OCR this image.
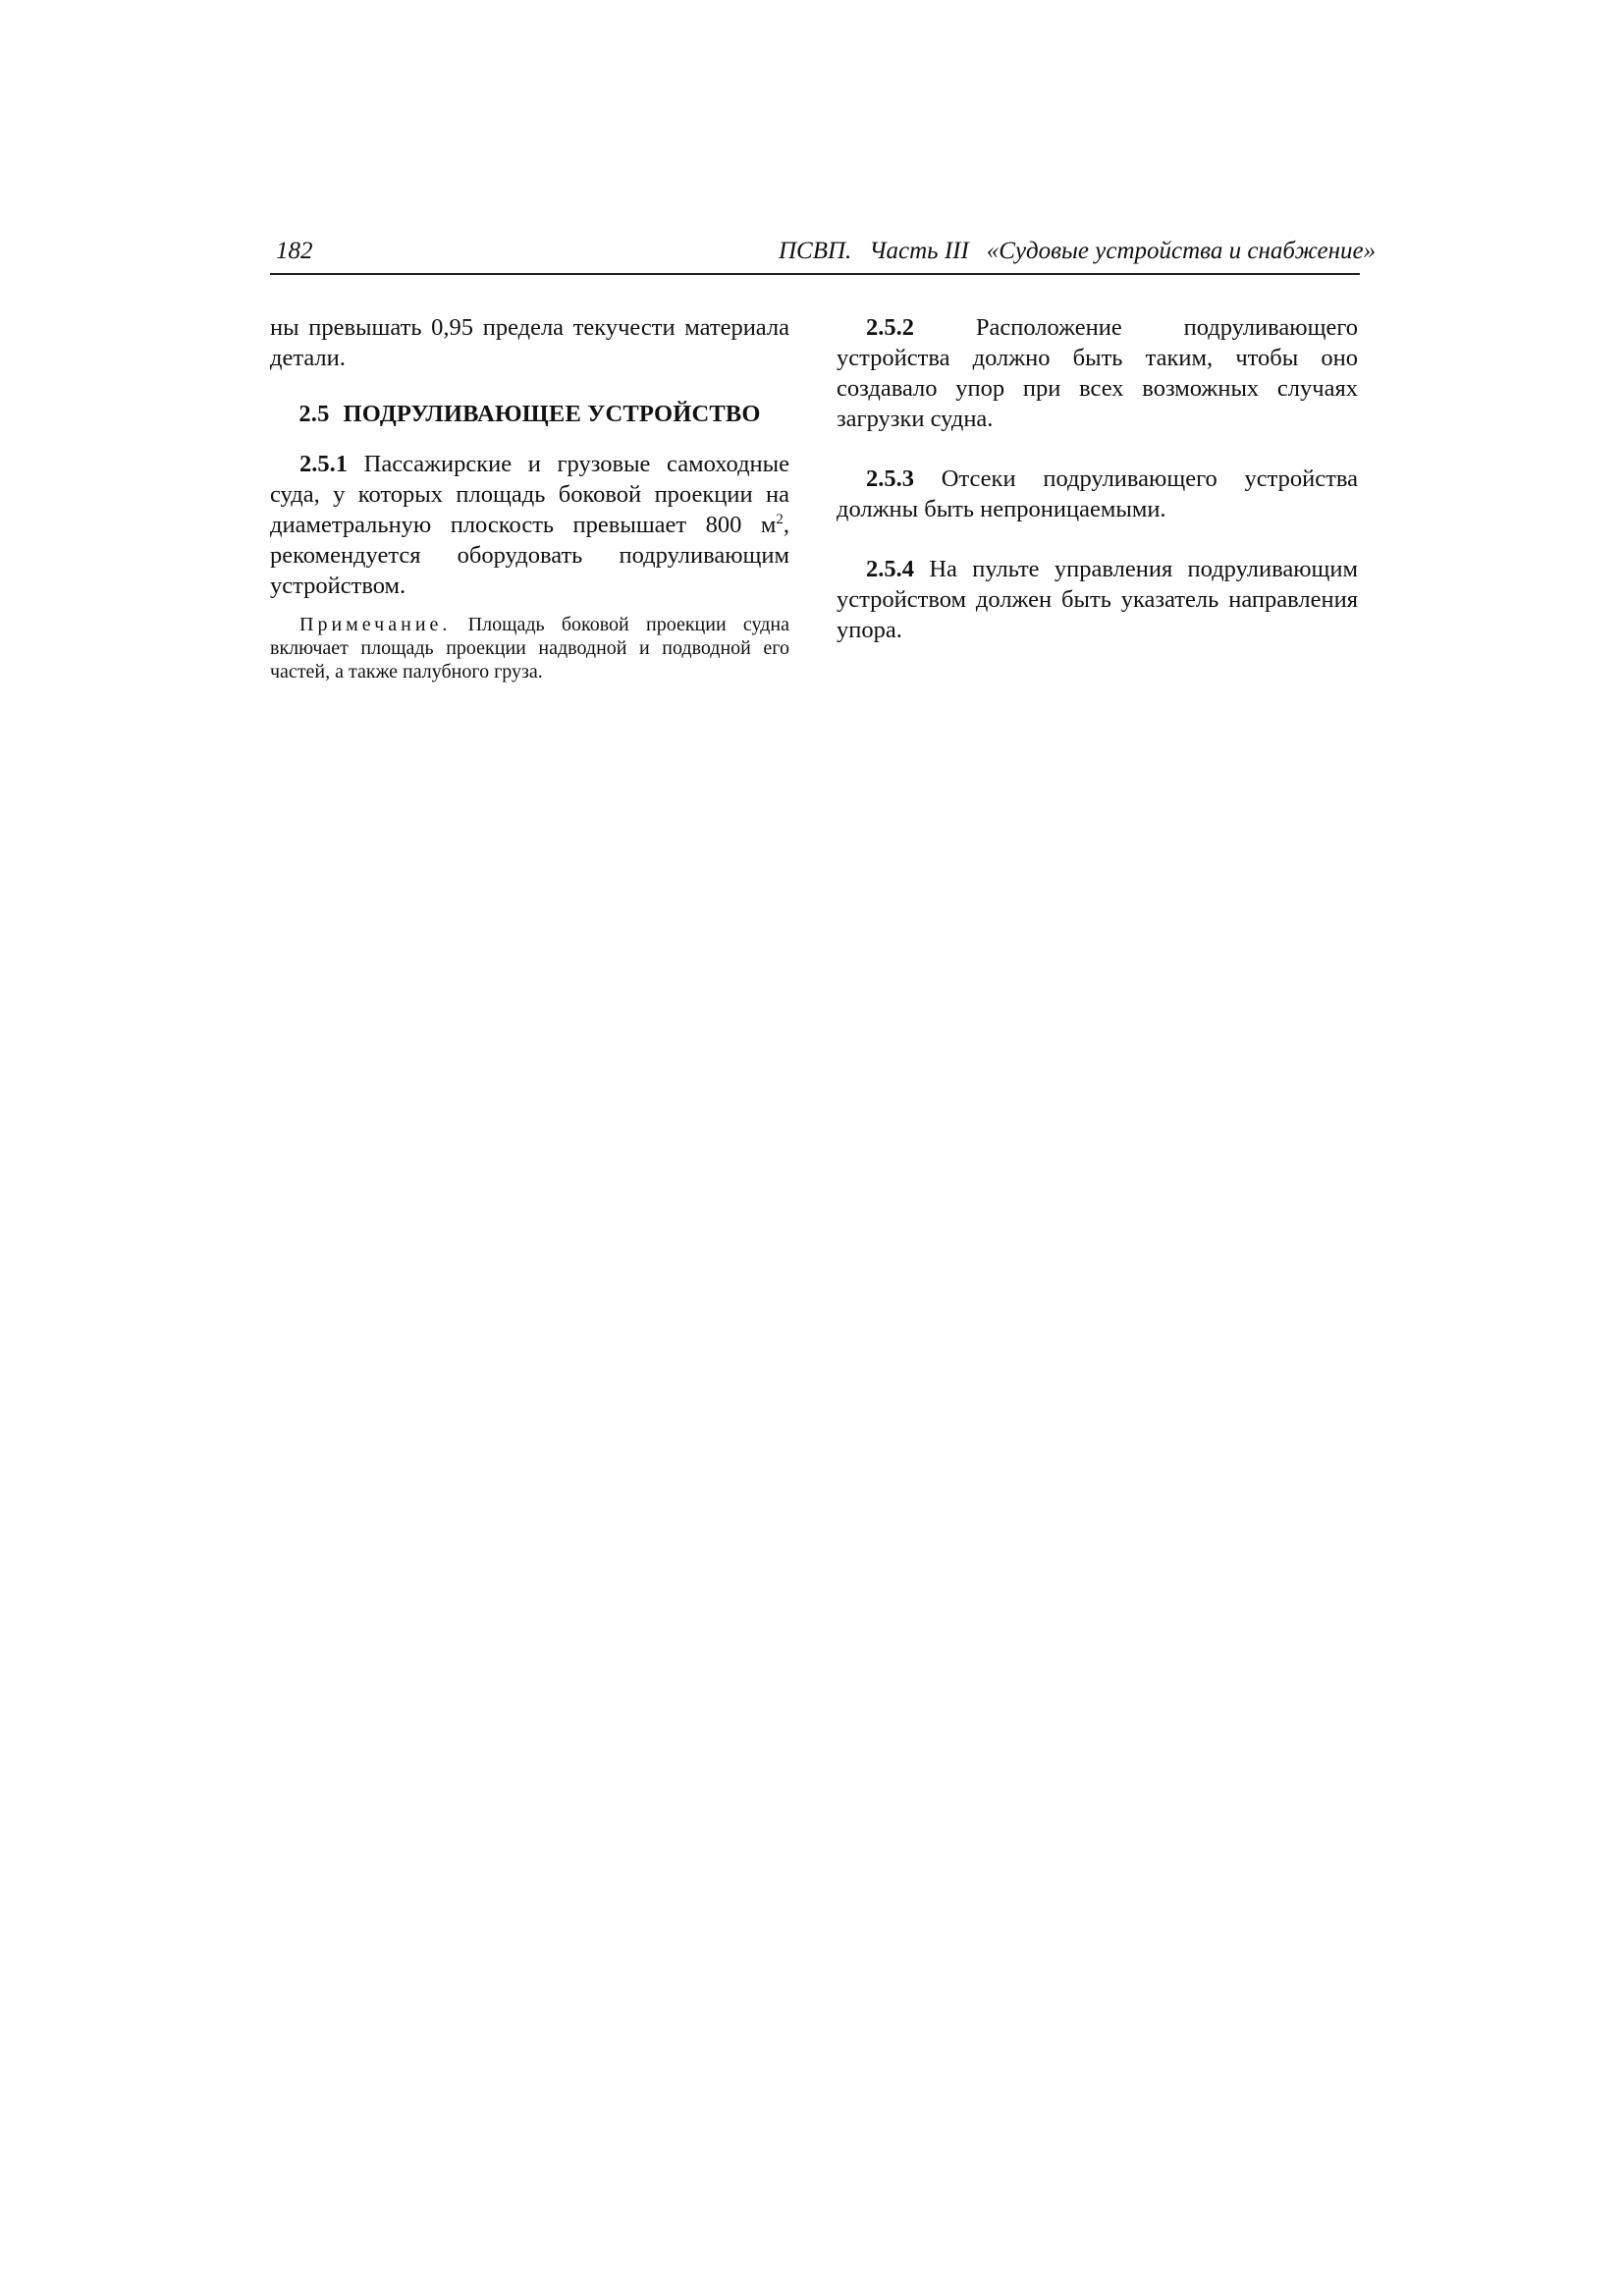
182	ПСВП. Часть III «Судовые устройства и снабжение»

ны превышать 0,95 предела текучести материала детали.

2.5 ПОДРУЛИВАЮЩЕЕ УСТРОЙСТВО

2.5.1 Пассажирские и грузовые самоходные суда, у которых площадь боковой проекции на диаметральную плоскость превышает 800 $м^2$, рекомендуется оборудовать подруливающим устройством.

Примечание. Площадь боковой проекции судна включает площадь проекции надводной и подводной его частей, а также палубного груза.

2.5.2	Расположение подруливающего устройства должно быть таким, чтобы оно создавало упор при всех возможных случаях загрузки судна.

2.5.3 Отсеки подруливающего устройства должны быть непроницаемыми.

2.5.4 На пульте управления подруливающим устройством должен быть указатель направления упора.
